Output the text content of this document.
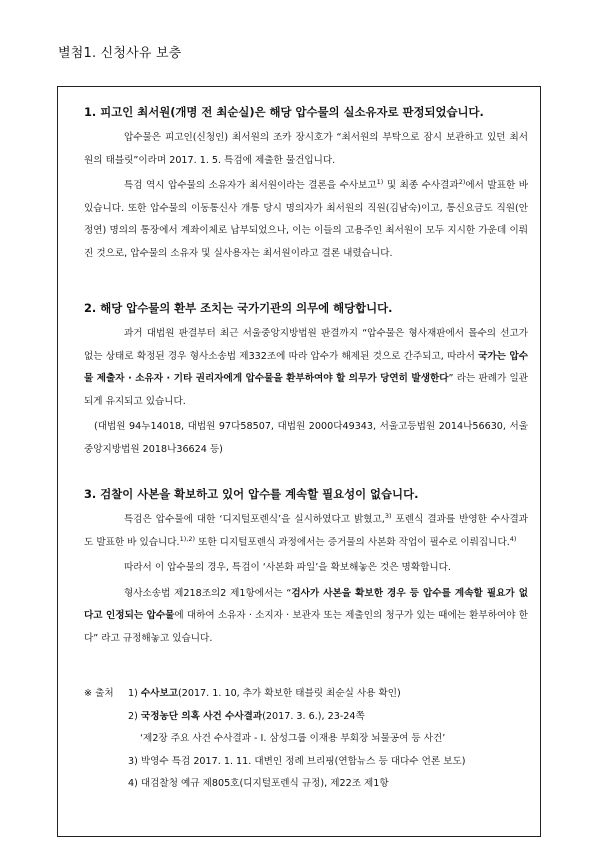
별첨1. 신청사유 보충
1. 피고인 최서원(개명 전 최순실)은 해당 압수물의 실소유자로 판정되었습니다.

압수물은 피고인(신청인) 최서원의 조카 장시호가 “최서원의 부탁으로 잠시 보관하고 있던 최서원의 태블릿”이라며 2017. 1. 5. 특검에 제출한 물건입니다.

특검 역시 압수물의 소유자가 최서원이라는 결론을 수사보고$^{1)}$ 및 최종 수사결과$^{2)}$에서 발표한 바 있습니다. 또한 압수물의 이동통신사 개통 당시 명의자가 최서원의 직원(김남숙)이고, 통신요금도 직원(안정연) 명의의 통장에서 계좌이체로 납부되었으나, 이는 이들의 고용주인 최서원이 모두 지시한 가운데 이뤄진 것으로, 압수물의 소유자 및 실사용자는 최서원이라고 결론 내렸습니다.

2. 해당 압수물의 환부 조치는 국가기관의 의무에 해당합니다.

과거 대법원 판결부터 최근 서울중앙지방법원 판결까지 “압수물은 형사재판에서 몰수의 선고가 없는 상태로 확정된 경우 형사소송법 제332조에 따라 압수가 해제된 것으로 간주되고, 따라서 국가는 압수물 제출자 · 소유자 · 기타 권리자에게 압수물을 환부하여야 할 의무가 당연히 발생한다” 라는 판례가 일관되게 유지되고 있습니다.

(대법원 94누14018, 대법원 97다58507, 대법원 2000다49343, 서울고등법원 2014나56630, 서울중앙지방법원 2018나36624 등)

3. 검찰이 사본을 확보하고 있어 압수를 계속할 필요성이 없습니다.

특검은 압수물에 대한 ‘디지털포렌식’을 실시하였다고 밝혔고,$^{3)}$ 포렌식 결과를 반영한 수사결과도 발표한 바 있습니다.$^{1),2)}$ 또한 디지털포렌식 과정에서는 증거물의 사본화 작업이 필수로 이뤄집니다.$^{4)}$

따라서 이 압수물의 경우, 특검이 ‘사본화 파일’을 확보해놓은 것은 명확합니다.

형사소송법 제218조의2 제1항에서는 “검사가 사본을 확보한 경우 등 압수를 계속할 필요가 없다고 인정되는 압수물에 대하여 소유자 · 소지자 · 보관자 또는 제출인의 청구가 있는 때에는 환부하여야 한다” 라고 규정해놓고 있습니다.

※ 출처 1) 수사보고(2017. 1. 10, 추가 확보한 태블릿 최순실 사용 확인)
2) 국정농단 의혹 사건 수사결과(2017. 3. 6.), 23-24쪽
‘제2장 주요 사건 수사결과 - Ⅰ. 삼성그룹 이재용 부회장 뇌물공여 등 사건’
3) 박영수 특검 2017. 1. 11. 대변인 정례 브리핑(연합뉴스 등 대다수 언론 보도)
4) 대검찰청 예규 제805호(디지털포렌식 규정), 제22조 제1항
